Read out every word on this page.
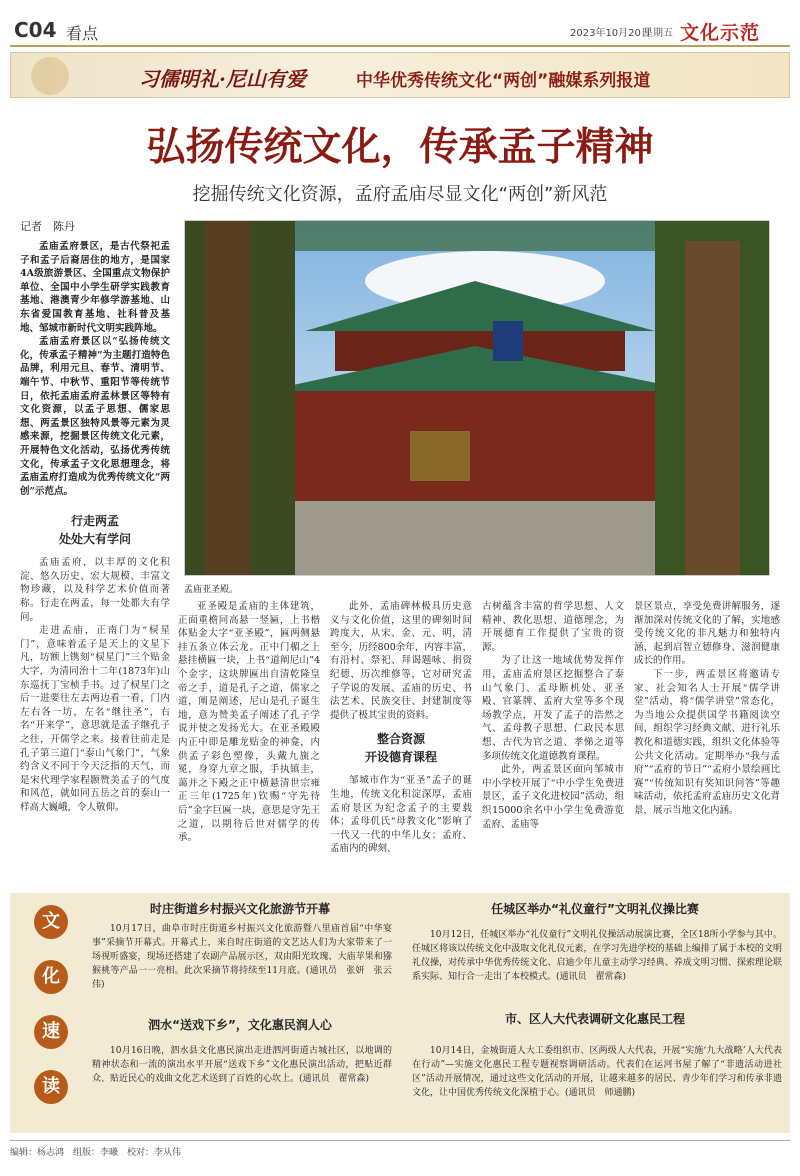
C04 看点	2023年10月20日
星期五 文化示范
习儒明礼·尼山有爱	中华优秀传统文化“两创”融媒系列报道
弘扬传统文化，传承孟子精神
挖掘传统文化资源，孟府孟庙尽显文化“两创”新风范
记者　陈丹

孟庙孟府景区，是古代祭祀孟子和孟子后裔居住的地方，是国家4A级旅游景区、全国重点文物保护单位、全国中小学生研学实践教育基地、港澳青少年修学游基地、山东省爱国教育基地、社科普及基地、邹城市新时代文明实践阵地。

孟庙孟府景区以“弘扬传统文化，传承孟子精神”为主题打造特色品牌，利用元旦、春节、清明节、端午节、中秋节、重阳节等传统节日，依托孟庙孟府孟林景区等特有文化资源，以孟子思想、儒家思想、两孟景区独特风景等元素为灵感来源，挖掘景区传统文化元素，开展特色文化活动，弘扬优秀传统文化，传承孟子文化思想理念，将孟庙孟府打造成为优秀传统文化“两创”示范点。

行走两孟
处处大有学问

孟庙孟府，以丰厚的文化积淀、悠久历史、宏大规模、丰富文物珍藏，以及科学艺术价值而著称。行走在两孟，每一处都大有学问。

走进孟庙，正南门为“棂星门”，意味着孟子是天上的文星下凡，坊额上镌刻“棂星门”三个贴金大字，为清同治十二年(1873年)山东巡抚丁宝桢手书。过了棂星门之后一进要往左去两边看一看，门内左右各一坊，左名“继往圣”，右名“开来学”，意思就是孟子继孔子之往，开儒学之来。接着往前走是孔子第三道门“泰山气象门”，气象约含义不同于今天泛指的天气，而是宋代理学家程颢赞美孟子的气度和风范，就如同五岳之首的泰山一样高大巍峨，令人敬仰。

孟庙亚圣殿。

亚圣殿是孟庙的主体建筑，正面重檐同高悬一竖匾，上书楷体贴金大字“亚圣殿”，匾两侧悬挂五条立体云龙。正中门楣之上悬挂横匾一块，上书“道阐尼山”4个金字，这块牌匾出自清乾隆皇帝之手，道是孔子之道，儒家之道，阐是阐述，尼山是孔子诞生地，意为赞美孟子阐述了孔子学说并使之发扬光大。在亚圣殿殿内正中即是雕龙贴金的神龛，内供孟子彩色塑像，头戴九旒之冕，身穿九章之服，手执镇圭，蔼并之下殿之正中横悬清世宗雍正三年(1725年)钦赐“守先待后”金字巨匾一块，意思是守先王之道，以期待后世对儒学的传承。

此外，孟庙碑林极具历史意义与文化价值，这里的碑刻时间跨度大，从宋、金、元、明，清至今，历经800余年，内容丰富，有沿村、祭祀、拜谒题咏、捐资纪德、历次维修等，它对研究孟子学说的发展、孟庙的历史、书法艺术、民族交往、封建制度等提供了极其宝贵的资料。

整合资源
开设德育课程

邹城市作为“亚圣”孟子的诞生地，传统文化积淀深厚，孟庙孟府景区为纪念孟子的主要载体；孟母仉氏“母教文化”影响了一代又一代的中华儿女；孟府、孟庙内的碑刻、

古树蕴含丰富的哲学思想、人文精神、教化思想、道德理念，为开展德育工作提供了宝贵的资源。

为了让这一地域优势发挥作用，孟庙孟府景区挖掘整合了泰山气象门、孟母断机处、亚圣殿、官篆牌、孟府大堂等多个现场教学点，开发了孟子的浩然之气、孟母教子思想、仁政民本思想、古代为官之道、孝悌之道等多项传统文化道德教育课程。

此外，两孟景区面向邹城市中小学校开展了“中小学生免费进景区，孟子文化进校园”活动，组织15000余名中小学生免费游览孟府、孟庙等

景区景点，享受免费讲解服务，逐渐加深对传统文化的了解，实地感受传统文化的非凡魅力和独特内涵，起到启智立德修身、滋润健康成长的作用。

下一步，两孟景区将邀请专家、社会知名人士开展“儒学讲堂”活动，将“儒学讲堂”常态化，为当地公众提供国学书籍阅读空间，组织学习经典文献、进行礼乐教化和道德实践，组织文化体验等公共文化活动。定期举办“我与孟府”“孟府的节日”“孟府小景绘画比赛”“传统知识有奖知识问答”等趣味活动，依托孟府孟庙历史文化背景，展示当地文化内涵。

文
化
速
读
时庄街道乡村振兴文化旅游节开幕

10月17日，曲阜市时庄街道乡村振兴文化旅游暨八里庙首届“中华宴事”采摘节开幕式。开幕式上，来自时庄街道的文艺达人们为大家带来了一场视听盛宴，现场还搭建了农副产品展示区，双由阳光玫瑰、大庙苹果和猕猴桃等产品一一亮相。此次采摘节将持续至11月底。(通讯员　张妍　张云伟)

泗水“送戏下乡”，文化惠民润人心

10月16日晚，泗水县文化惠民演出走进泗河街道古城社区，以地调的精神状态和一流的演出水平开展“送戏下乡”文化惠民演出活动，把贴近群众、贴近民心的戏曲文化艺术送到了百姓的心坎上。(通讯员　翟常森)

任城区举办“礼仪童行”文明礼仪操比赛

10月12日，任城区举办“礼仪童行”文明礼仪操活动展演比赛，全区18所小学参与其中。任城区将该以传统文化中汲取文化礼仪元素，在学习先进学校的基础上编排了属于本校的文明礼仪操，对传承中华优秀传统文化、启迪少年儿童主动学习经典、养成文明习惯、探索理论联系实际、知行合一走出了本校模式。(通讯员　翟常森)

市、区人大代表调研文化惠民工程

10月14日，金城街道人大工委组织市、区两级人大代表，开展“实施‘九大战略’人大代表在行动”—实施文化惠民工程专题视察调研活动。代表们在运河书屋了解了“非遗活动进社区”活动开展情况，通过这些文化活动的开展，让越来越多的居民、青少年们学习和传承非遗文化，让中国优秀传统文化深植于心。(通讯员　师通鹏)

编辑：杨志鸿　组版：李曦　校对：李从伟
